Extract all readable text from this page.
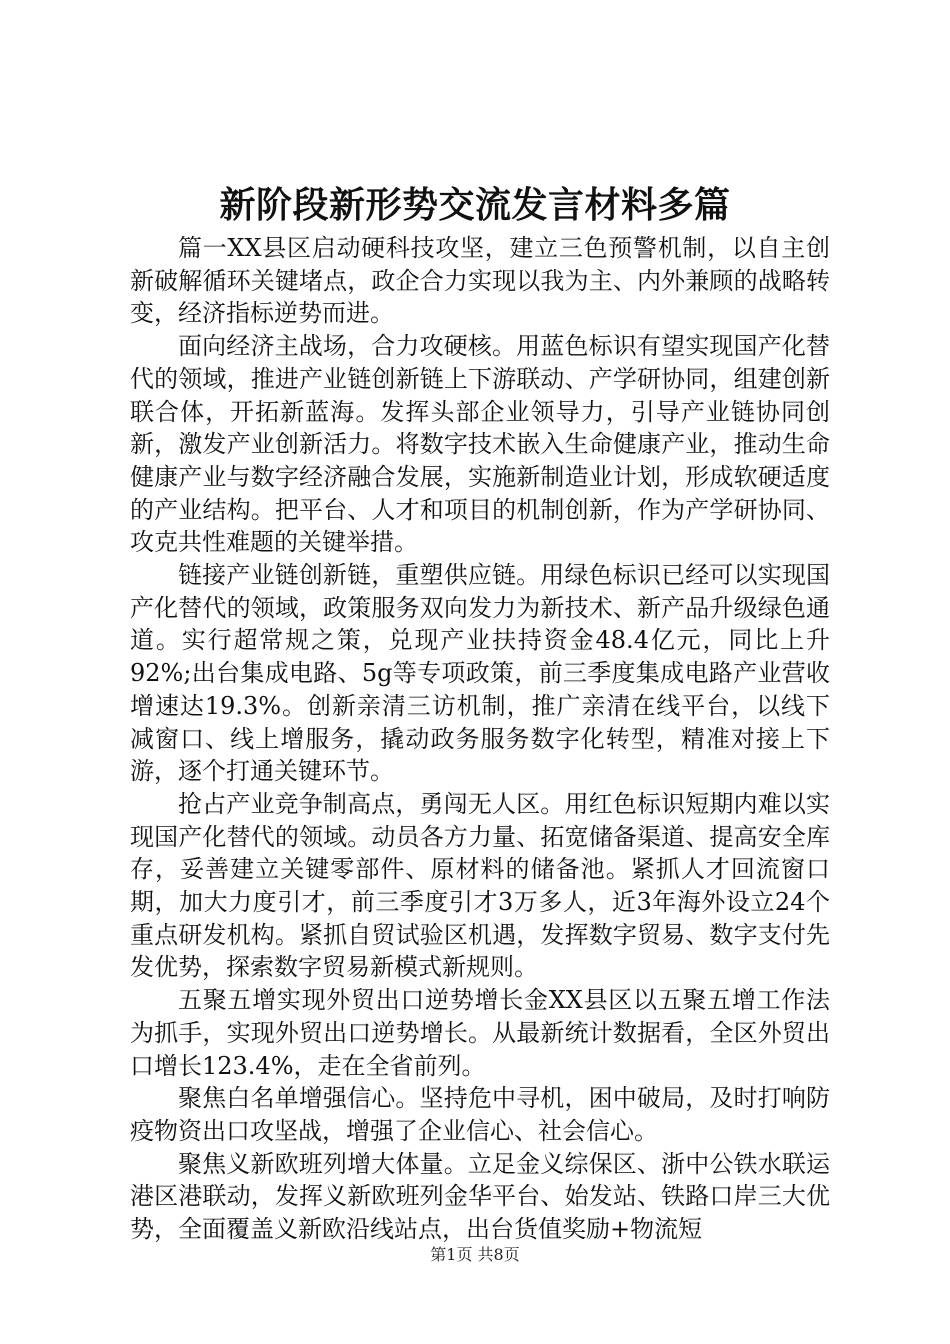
新阶段新形势交流发言材料多篇

篇一XX县区启动硬科技攻坚，建立三色预警机制，以自主创新破解循环关键堵点，政企合力实现以我为主、内外兼顾的战略转变，经济指标逆势而进。

面向经济主战场，合力攻硬核。用蓝色标识有望实现国产化替代的领域，推进产业链创新链上下游联动、产学研协同，组建创新联合体，开拓新蓝海。发挥头部企业领导力，引导产业链协同创新，激发产业创新活力。将数字技术嵌入生命健康产业，推动生命健康产业与数字经济融合发展，实施新制造业计划，形成软硬适度的产业结构。把平台、人才和项目的机制创新，作为产学研协同、攻克共性难题的关键举措。

链接产业链创新链，重塑供应链。用绿色标识已经可以实现国产化替代的领域，政策服务双向发力为新技术、新产品升级绿色通道。实行超常规之策，兑现产业扶持资金48.4亿元，同比上升92%;出台集成电路、5g等专项政策，前三季度集成电路产业营收增速达19.3%。创新亲清三访机制，推广亲清在线平台，以线下减窗口、线上增服务，撬动政务服务数字化转型，精准对接上下游，逐个打通关键环节。

抢占产业竞争制高点，勇闯无人区。用红色标识短期内难以实现国产化替代的领域。动员各方力量、拓宽储备渠道、提高安全库存，妥善建立关键零部件、原材料的储备池。紧抓人才回流窗口期，加大力度引才，前三季度引才3万多人，近3年海外设立24个重点研发机构。紧抓自贸试验区机遇，发挥数字贸易、数字支付先发优势，探索数字贸易新模式新规则。

五聚五增实现外贸出口逆势增长金XX县区以五聚五增工作法为抓手，实现外贸出口逆势增长。从最新统计数据看，全区外贸出口增长123.4%，走在全省前列。

聚焦白名单增强信心。坚持危中寻机，困中破局，及时打响防疫物资出口攻坚战，增强了企业信心、社会信心。

聚焦义新欧班列增大体量。立足金义综保区、浙中公铁水联运港区港联动，发挥义新欧班列金华平台、始发站、铁路口岸三大优势，全面覆盖义新欧沿线站点，出台货值奖励+物流短

第1页 共8页
